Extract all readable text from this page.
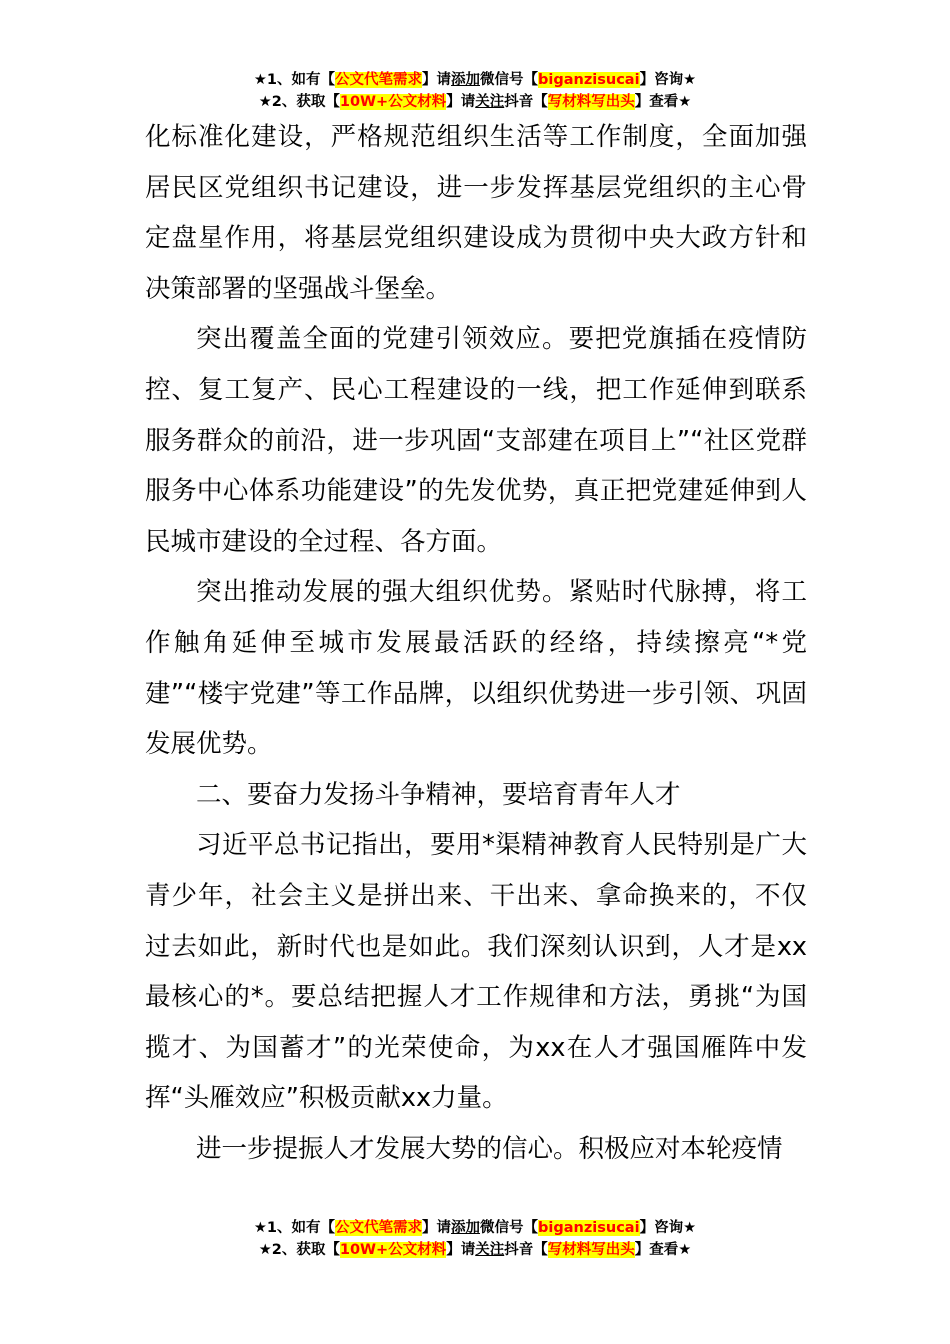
★1、如有【公文代笔需求】请添加微信号【biganzisucai】咨询★
★2、获取【10W+公文材料】请关注抖音【写材料写出头】查看★

化标准化建设，严格规范组织生活等工作制度，全面加强居民区党组织书记建设，进一步发挥基层党组织的主心骨定盘星作用，将基层党组织建设成为贯彻中央大政方针和决策部署的坚强战斗堡垒。

突出覆盖全面的党建引领效应。要把党旗插在疫情防控、复工复产、民心工程建设的一线，把工作延伸到联系服务群众的前沿，进一步巩固“支部建在项目上”“社区党群服务中心体系功能建设”的先发优势，真正把党建延伸到人民城市建设的全过程、各方面。

突出推动发展的强大组织优势。紧贴时代脉搏，将工作触角延伸至城市发展最活跃的经络，持续擦亮“*党建”“楼宇党建”等工作品牌，以组织优势进一步引领、巩固发展优势。

二、要奋力发扬斗争精神，要培育青年人才

习近平总书记指出，要用*渠精神教育人民特别是广大青少年，社会主义是拼出来、干出来、拿命换来的，不仅过去如此，新时代也是如此。我们深刻认识到，人才是xx最核心的*。要总结把握人才工作规律和方法，勇挑“为国揽才、为国蓄才”的光荣使命，为xx在人才强国雁阵中发挥“头雁效应”积极贡献xx力量。

进一步提振人才发展大势的信心。积极应对本轮疫情

★1、如有【公文代笔需求】请添加微信号【biganzisucai】咨询★
★2、获取【10W+公文材料】请关注抖音【写材料写出头】查看★
